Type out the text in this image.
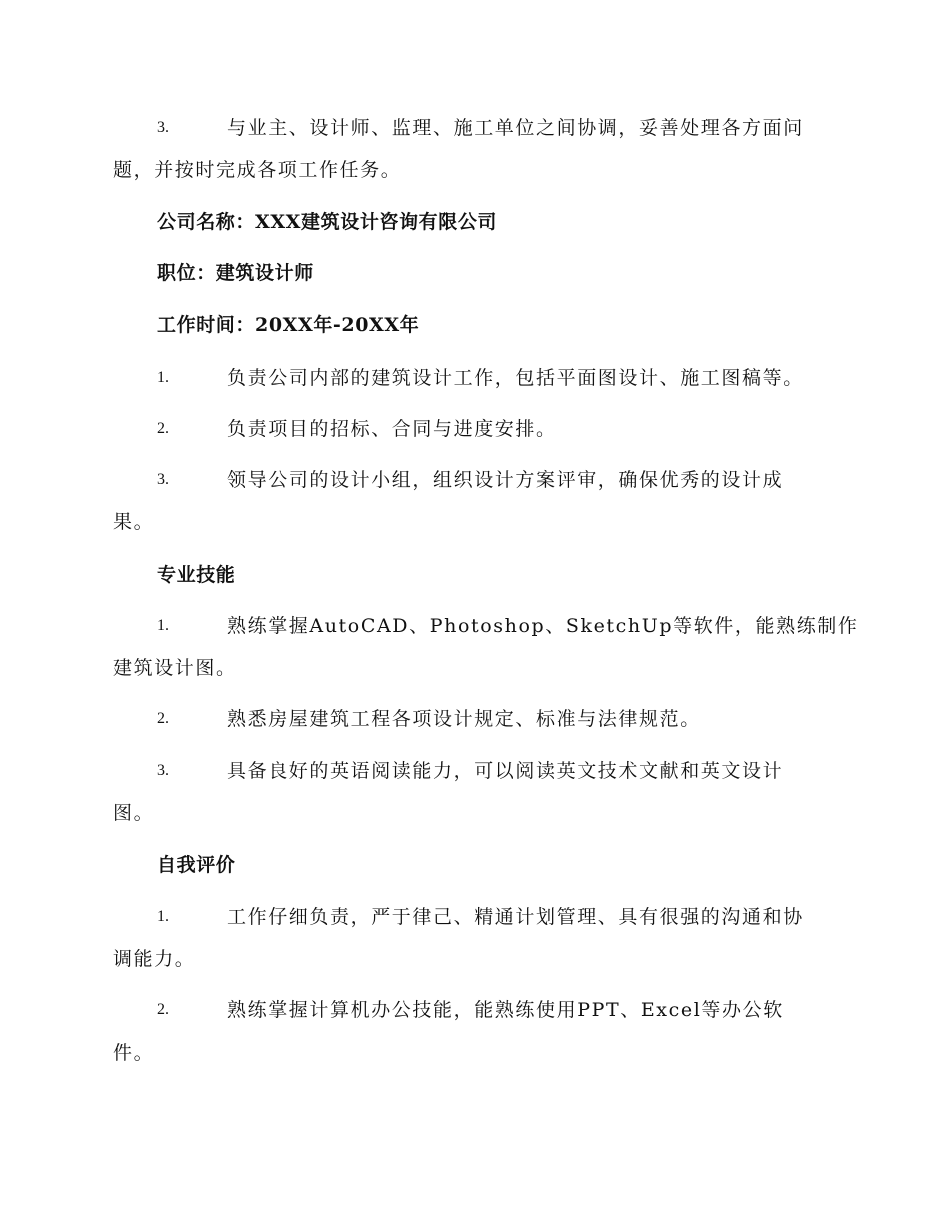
3.	与业主、设计师、监理、施工单位之间协调，妥善处理各方面问
题，并按时完成各项工作任务。
公司名称：XXX建筑设计咨询有限公司
职位：建筑设计师
工作时间：20XX年-20XX年
1.	负责公司内部的建筑设计工作，包括平面图设计、施工图稿等。
2.	负责项目的招标、合同与进度安排。
3.	领导公司的设计小组，组织设计方案评审，确保优秀的设计成
果。
专业技能
1.	熟练掌握AutoCAD、Photoshop、SketchUp等软件，能熟练制作
建筑设计图。
2.	熟悉房屋建筑工程各项设计规定、标准与法律规范。
3.	具备良好的英语阅读能力，可以阅读英文技术文献和英文设计
图。
自我评价
1.	工作仔细负责，严于律己、精通计划管理、具有很强的沟通和协
调能力。
2.	熟练掌握计算机办公技能，能熟练使用PPT、Excel等办公软
件。
